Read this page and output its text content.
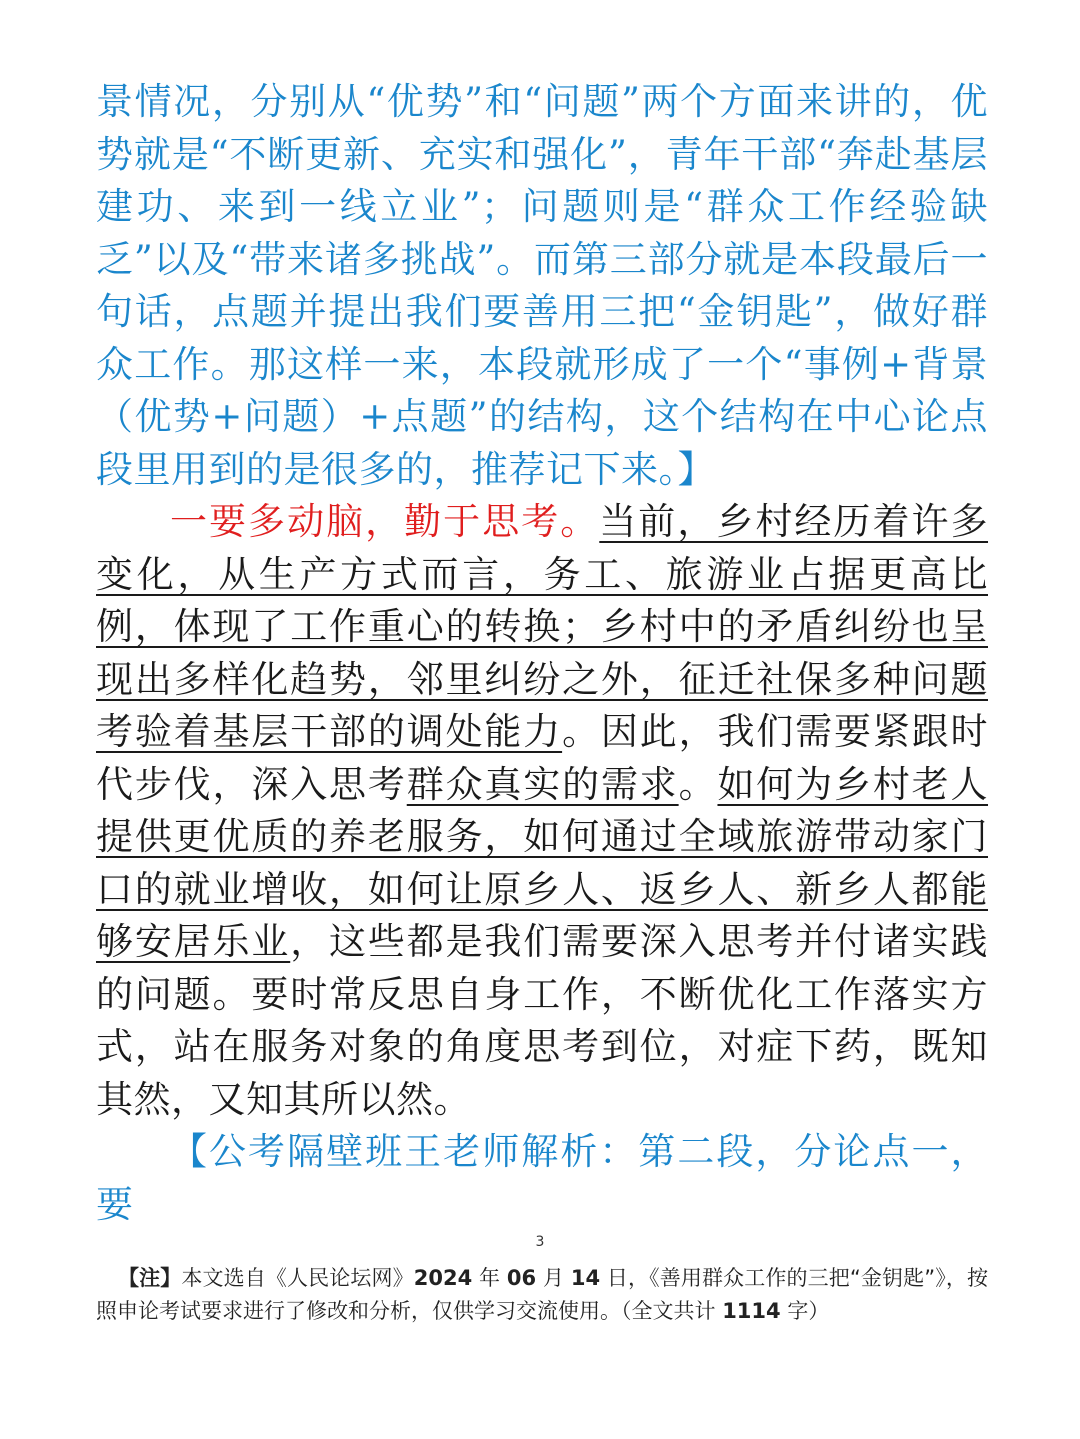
景情况，分别从“优势”和“问题”两个方面来讲的，优势就是“不断更新、充实和强化”，青年干部“奔赴基层建功、来到一线立业”；问题则是“群众工作经验缺乏”以及“带来诸多挑战”。而第三部分就是本段最后一句话，点题并提出我们要善用三把“金钥匙”，做好群众工作。那这样一来，本段就形成了一个“事例+背景（优势+问题）+点题”的结构，这个结构在中心论点段里用到的是很多的，推荐记下来。】

一要多动脑，勤于思考。当前，乡村经历着许多变化，从生产方式而言，务工、旅游业占据更高比例，体现了工作重心的转换；乡村中的矛盾纠纷也呈现出多样化趋势，邻里纠纷之外，征迁社保多种问题考验着基层干部的调处能力。因此，我们需要紧跟时代步伐，深入思考群众真实的需求。如何为乡村老人提供更优质的养老服务，如何通过全域旅游带动家门口的就业增收，如何让原乡人、返乡人、新乡人都能够安居乐业，这些都是我们需要深入思考并付诸实践的问题。要时常反思自身工作，不断优化工作落实方式，站在服务对象的角度思考到位，对症下药，既知其然，又知其所以然。

【公考隔壁班王老师解析：第二段，分论点一，要

3
【注】本文选自《人民论坛网》2024 年 06 月 14 日，《善用群众工作的三把“金钥匙”》，按照申论考试要求进行了修改和分析，仅供学习交流使用。（全文共计 1114 字）
